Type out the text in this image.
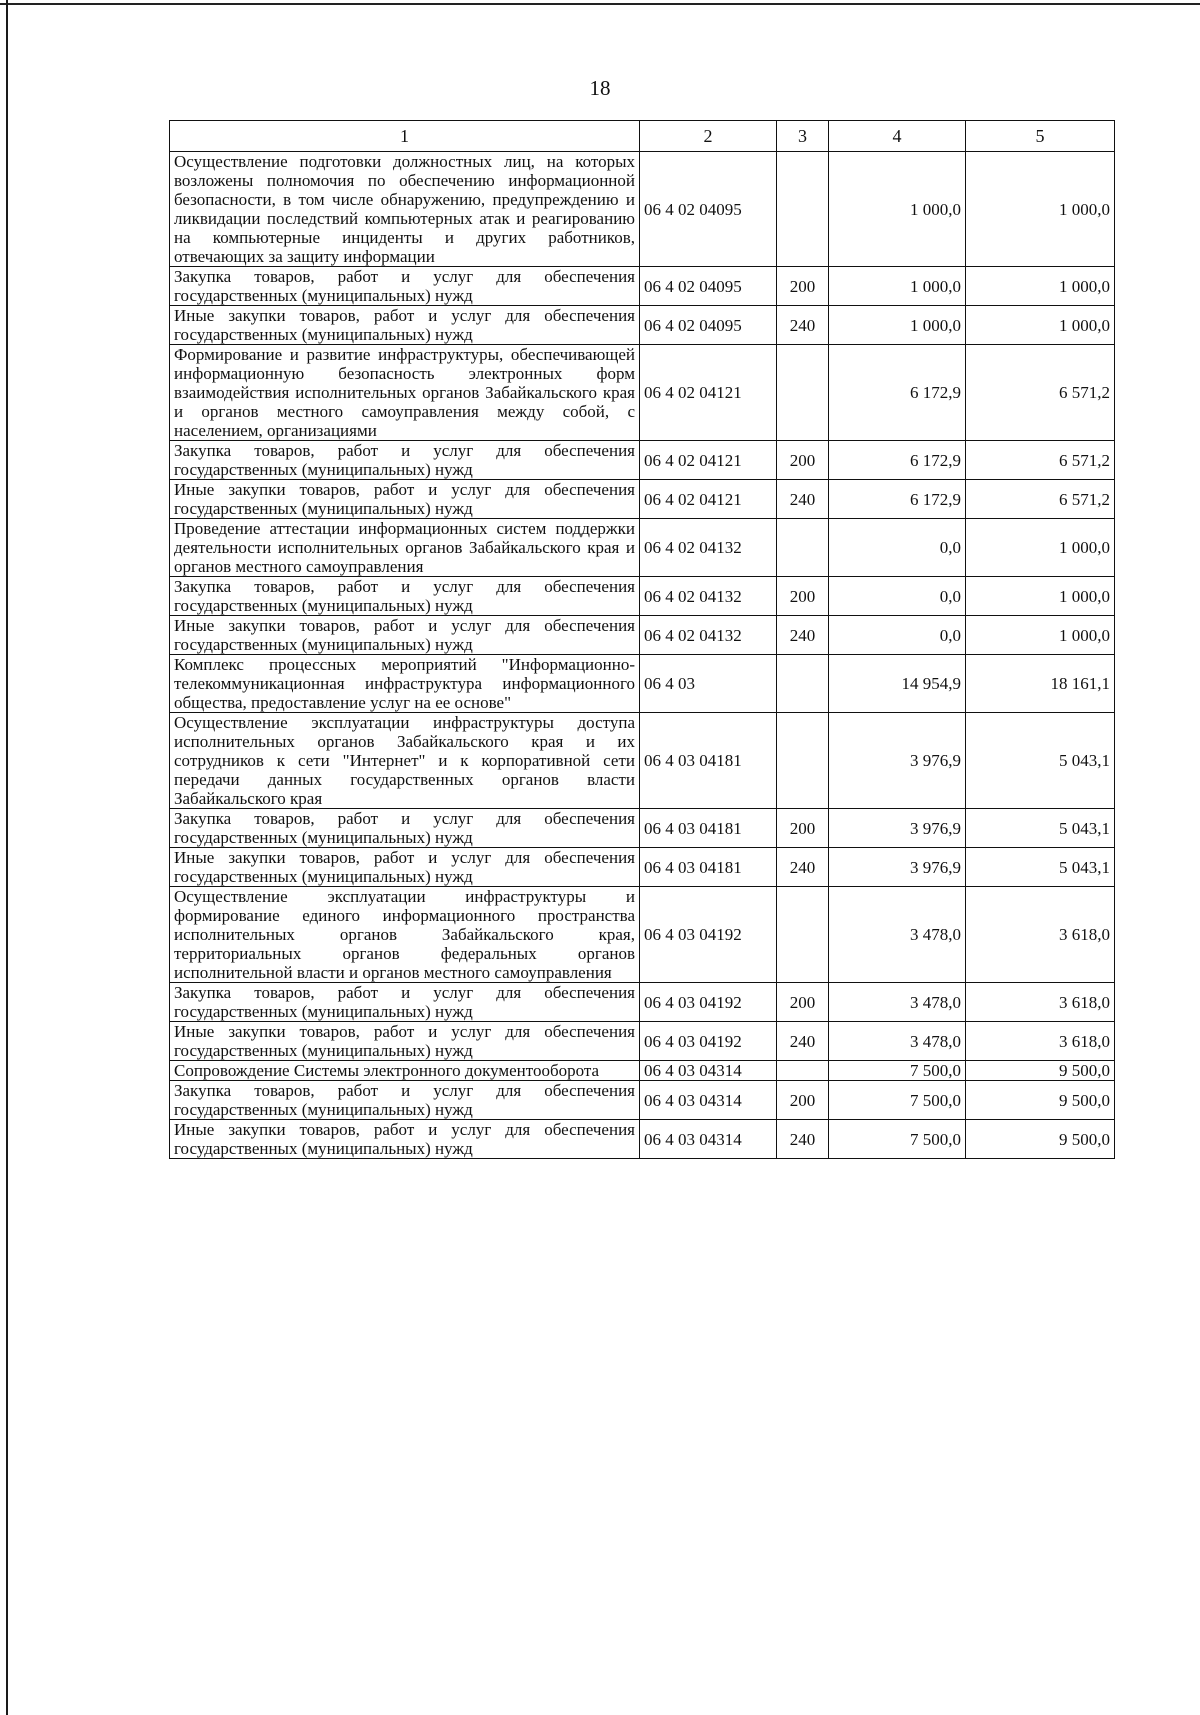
18
1	2	3	4	5
Осуществление подготовки должностных лиц, на которых возложены полномочия по обеспечению информационной безопасности, в том числе обнаружению, предупреждению и ликвидации последствий компьютерных атак и реагированию на компьютерные инциденты и других работников, отвечающих за защиту информации	06 4 02 04095		1 000,0	1 000,0
Закупка товаров, работ и услуг для обеспечения государственных (муниципальных) нужд	06 4 02 04095	200	1 000,0	1 000,0
Иные закупки товаров, работ и услуг для обеспечения государственных (муниципальных) нужд	06 4 02 04095	240	1 000,0	1 000,0
Формирование и развитие инфраструктуры, обеспечивающей информационную безопасность электронных форм взаимодействия исполнительных органов Забайкальского края и органов местного самоуправления между собой, с населением, организациями	06 4 02 04121		6 172,9	6 571,2
Закупка товаров, работ и услуг для обеспечения государственных (муниципальных) нужд	06 4 02 04121	200	6 172,9	6 571,2
Иные закупки товаров, работ и услуг для обеспечения государственных (муниципальных) нужд	06 4 02 04121	240	6 172,9	6 571,2
Проведение аттестации информационных систем поддержки деятельности исполнительных органов Забайкальского края и органов местного самоуправления	06 4 02 04132		0,0	1 000,0
Закупка товаров, работ и услуг для обеспечения государственных (муниципальных) нужд	06 4 02 04132	200	0,0	1 000,0
Иные закупки товаров, работ и услуг для обеспечения государственных (муниципальных) нужд	06 4 02 04132	240	0,0	1 000,0
Комплекс процессных мероприятий "Информационно-телекоммуникационная инфраструктура информационного общества, предоставление услуг на ее основе"	06 4 03		14 954,9	18 161,1
Осуществление эксплуатации инфраструктуры доступа исполнительных органов Забайкальского края и их сотрудников к сети "Интернет" и к корпоративной сети передачи данных государственных органов власти Забайкальского края	06 4 03 04181		3 976,9	5 043,1
Закупка товаров, работ и услуг для обеспечения государственных (муниципальных) нужд	06 4 03 04181	200	3 976,9	5 043,1
Иные закупки товаров, работ и услуг для обеспечения государственных (муниципальных) нужд	06 4 03 04181	240	3 976,9	5 043,1
Осуществление эксплуатации инфраструктуры и формирование единого информационного пространства исполнительных органов Забайкальского края, территориальных органов федеральных органов исполнительной власти и органов местного самоуправления	06 4 03 04192		3 478,0	3 618,0
Закупка товаров, работ и услуг для обеспечения государственных (муниципальных) нужд	06 4 03 04192	200	3 478,0	3 618,0
Иные закупки товаров, работ и услуг для обеспечения государственных (муниципальных) нужд	06 4 03 04192	240	3 478,0	3 618,0
Сопровождение Системы электронного документооборота	06 4 03 04314		7 500,0	9 500,0
Закупка товаров, работ и услуг для обеспечения государственных (муниципальных) нужд	06 4 03 04314	200	7 500,0	9 500,0
Иные закупки товаров, работ и услуг для обеспечения государственных (муниципальных) нужд	06 4 03 04314	240	7 500,0	9 500,0
